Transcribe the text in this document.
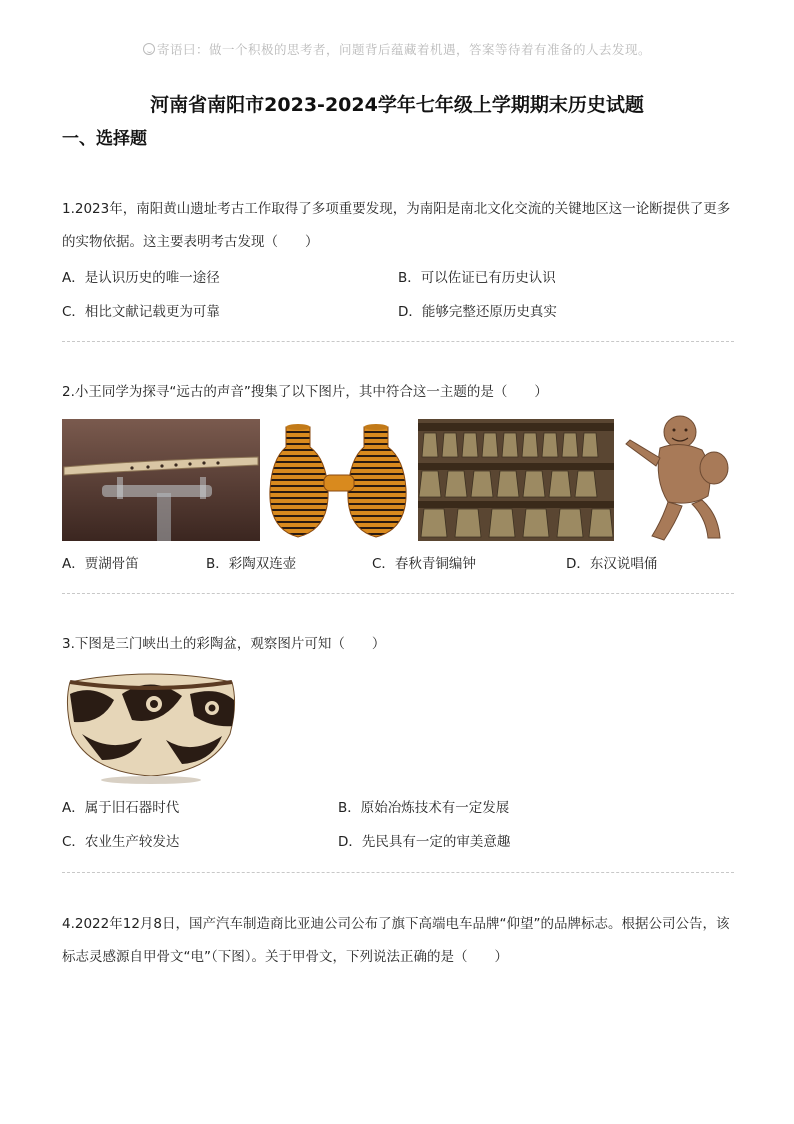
寄语曰：做一个积极的思考者，问题背后蕴藏着机遇，答案等待着有准备的人去发现。
河南省南阳市2023-2024学年七年级上学期期末历史试题
一、选择题
1.2023年，南阳黄山遗址考古工作取得了多项重要发现，为南阳是南北文化交流的关键地区这一论断提供了更多的实物依据。这主要表明考古发现（　　）
A．是认识历史的唯一途径	B．可以佐证已有历史认识
C．相比文献记载更为可靠	D．能够完整还原历史真实
2.小王同学为探寻“远古的声音”搜集了以下图片，其中符合这一主题的是（　　）
A．贾湖骨笛	B．彩陶双连壶	C．春秋青铜编钟	D．东汉说唱俑
3.下图是三门峡出土的彩陶盆，观察图片可知（　　）
A．属于旧石器时代	B．原始冶炼技术有一定发展
C．农业生产较发达	D．先民具有一定的审美意趣
4.2022年12月8日，国产汽车制造商比亚迪公司公布了旗下高端电车品牌“仰望”的品牌标志。根据公司公告，该标志灵感源自甲骨文“电”（下图）。关于甲骨文，下列说法正确的是（　　）
